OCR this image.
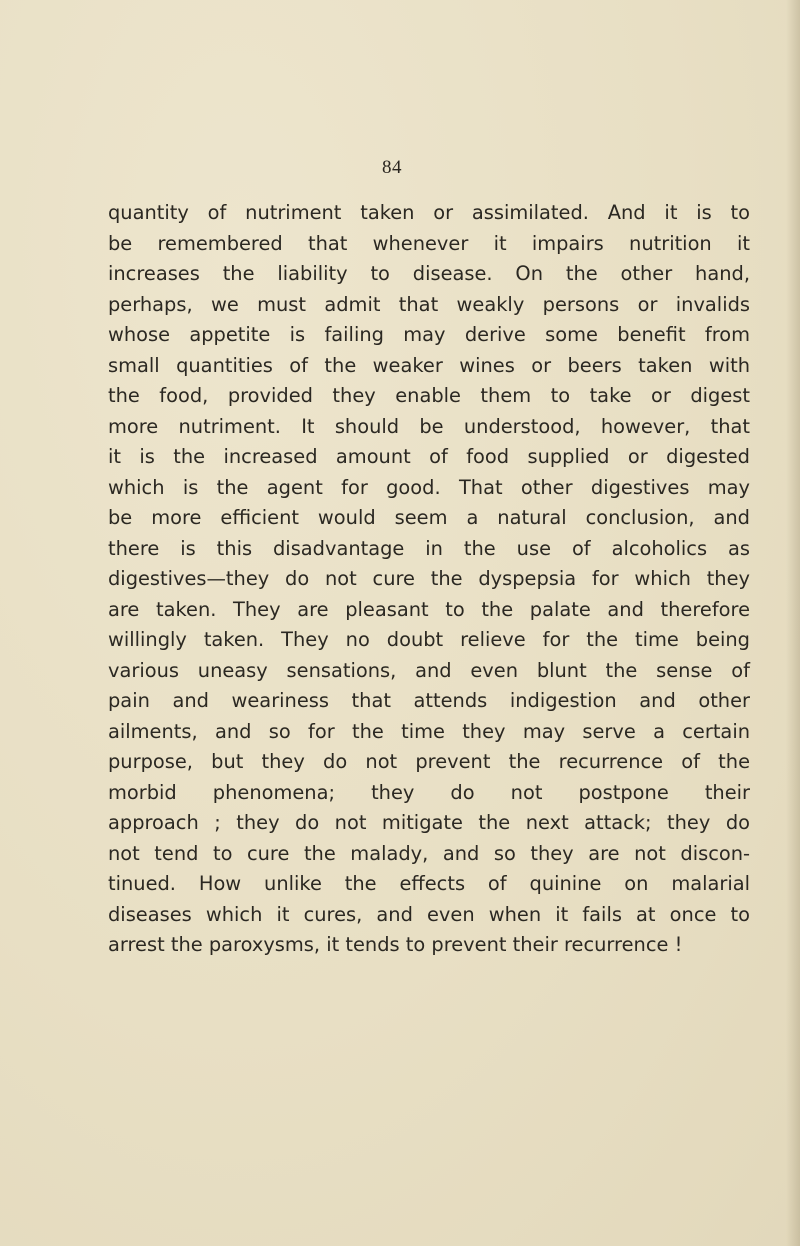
84
quantity of nutriment taken or assimilated. And it is to
be remembered that whenever it impairs nutrition it
increases the liability to disease. On the other hand,
perhaps, we must admit that weakly persons or invalids
whose appetite is failing may derive some benefit from
small quantities of the weaker wines or beers taken with
the food, provided they enable them to take or digest
more nutriment. It should be understood, however, that
it is the increased amount of food supplied or digested
which is the agent for good. That other digestives may
be more efficient would seem a natural conclusion, and
there is this disadvantage in the use of alcoholics as
digestives—they do not cure the dyspepsia for which they
are taken. They are pleasant to the palate and therefore
willingly taken. They no doubt relieve for the time being
various uneasy sensations, and even blunt the sense of
pain and weariness that attends indigestion and other
ailments, and so for the time they may serve a certain
purpose, but they do not prevent the recurrence of the
morbid phenomena; they do not postpone their
approach ; they do not mitigate the next attack; they do
not tend to cure the malady, and so they are not discon-
tinued. How unlike the effects of quinine on malarial
diseases which it cures, and even when it fails at once to
arrest the paroxysms, it tends to prevent their recurrence !
